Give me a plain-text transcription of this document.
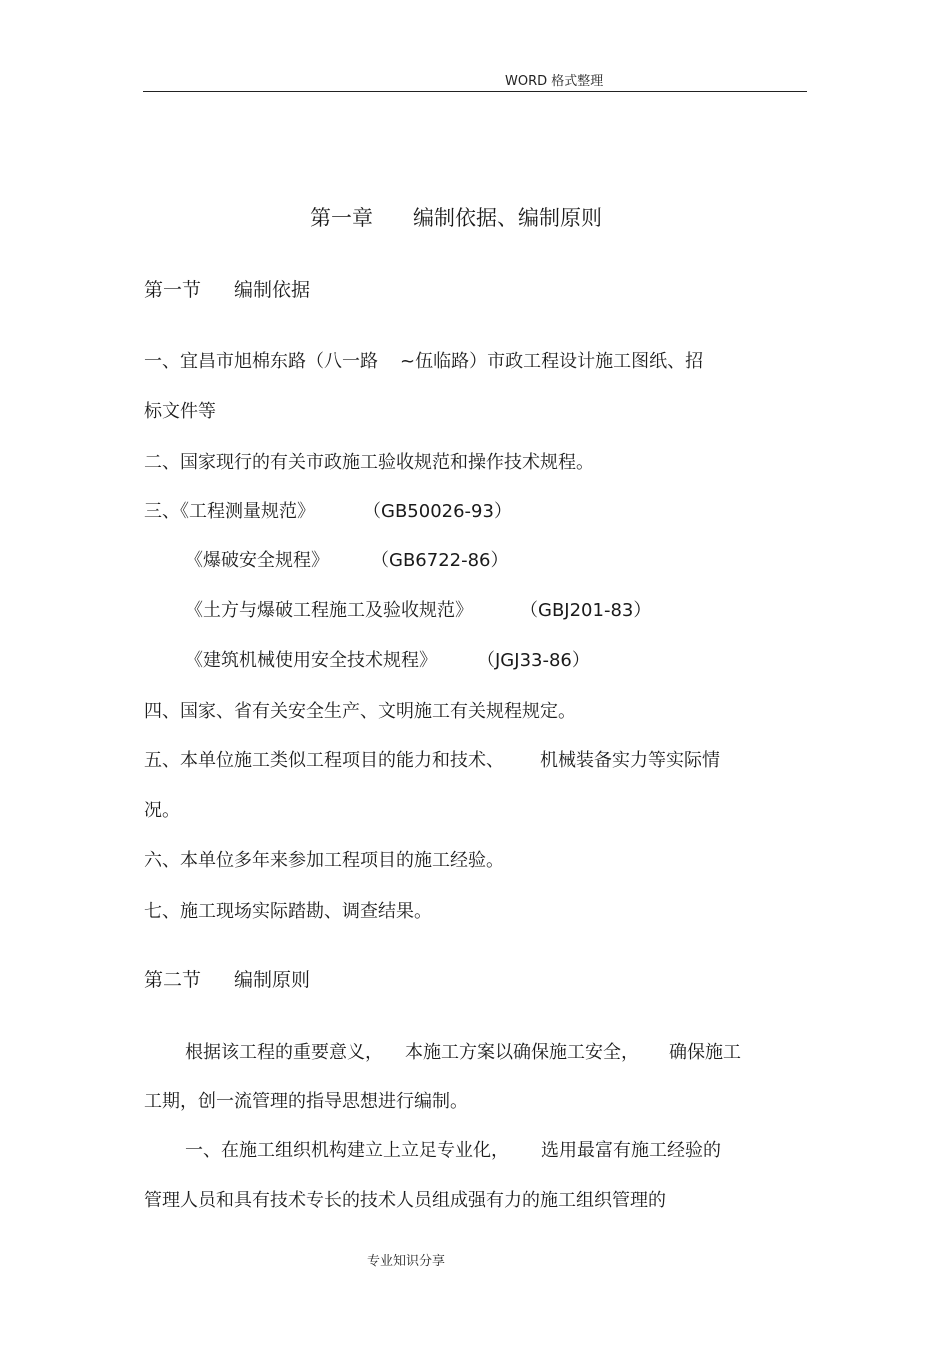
WORD 格式整理
第一章 编制依据、编制原则
第一节 编制依据
一、宜昌市旭棉东路（八一路 ~伍临路）市政工程设计施工图纸、招
标文件等
二、国家现行的有关市政施工验收规范和操作技术规程。
三、《工程测量规范》	（GB50026-93）
《爆破安全规程》 （GB6722-86）
《土方与爆破工程施工及验收规范》	（GBJ201-83）
《建筑机械使用安全技术规程》 （JGJ33-86）
四、国家、省有关安全生产、文明施工有关规程规定。
五、本单位施工类似工程项目的能力和技术、 机械装备实力等实际情
况。
六、本单位多年来参加工程项目的施工经验。
七、施工现场实际踏勘、调查结果。
第二节 编制原则
根据该工程的重要意义， 本施工方案以确保施工安全， 确保施工
工期，创一流管理的指导思想进行编制。
一、在施工组织机构建立上立足专业化， 选用最富有施工经验的
管理人员和具有技术专长的技术人员组成强有力的施工组织管理的
专业知识分享
